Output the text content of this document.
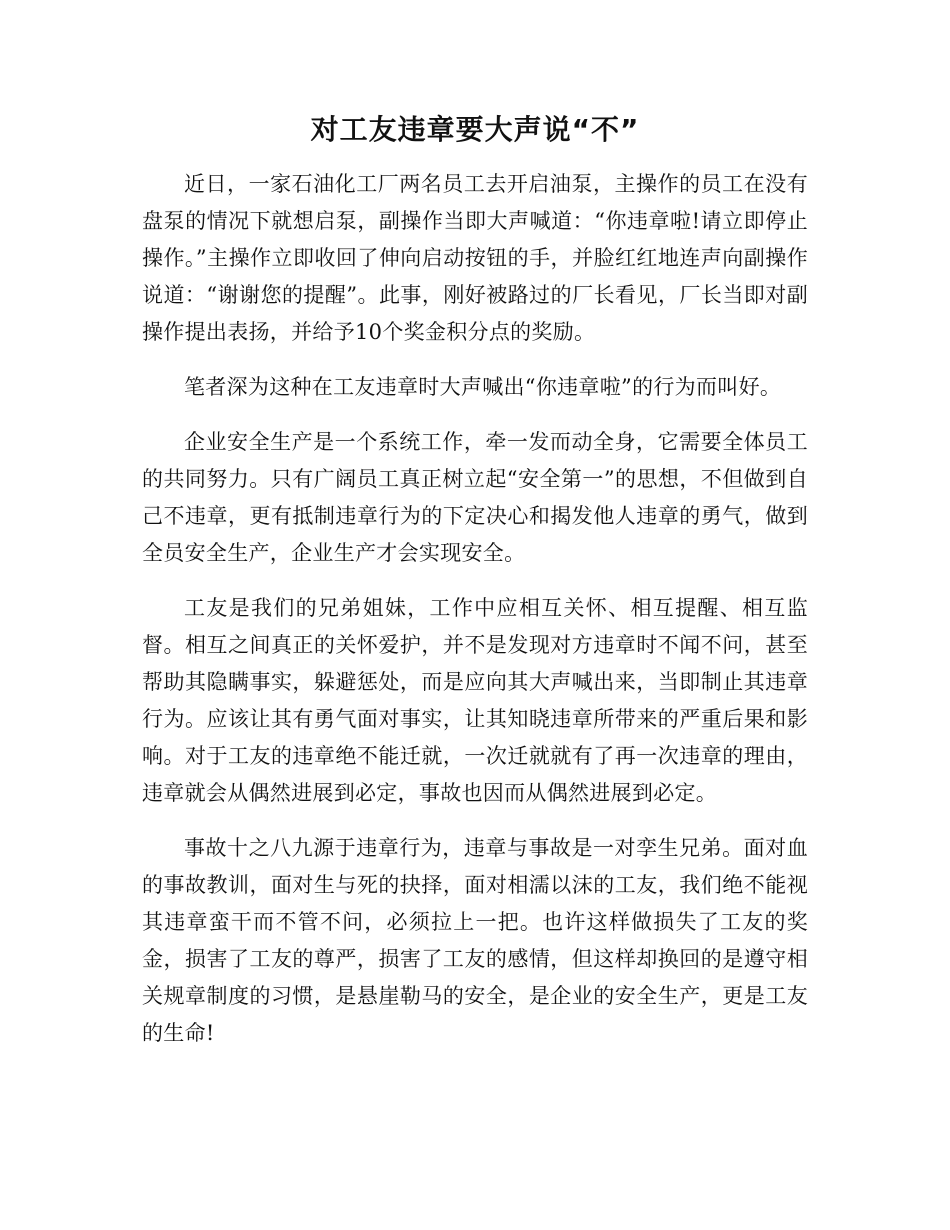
对工友违章要大声说“不”

近日，一家石油化工厂两名员工去开启油泵，主操作的员工在没有盘泵的情况下就想启泵，副操作当即大声喊道：“你违章啦!请立即停止操作。”主操作立即收回了伸向启动按钮的手，并脸红红地连声向副操作说道：“谢谢您的提醒”。此事，刚好被路过的厂长看见，厂长当即对副操作提出表扬，并给予10个奖金积分点的奖励。

笔者深为这种在工友违章时大声喊出“你违章啦”的行为而叫好。

企业安全生产是一个系统工作，牵一发而动全身，它需要全体员工的共同努力。只有广阔员工真正树立起“安全第一”的思想，不但做到自己不违章，更有抵制违章行为的下定决心和揭发他人违章的勇气，做到全员安全生产，企业生产才会实现安全。

工友是我们的兄弟姐妹，工作中应相互关怀、相互提醒、相互监督。相互之间真正的关怀爱护，并不是发现对方违章时不闻不问，甚至帮助其隐瞒事实，躲避惩处，而是应向其大声喊出来，当即制止其违章行为。应该让其有勇气面对事实，让其知晓违章所带来的严重后果和影响。对于工友的违章绝不能迁就，一次迁就就有了再一次违章的理由，违章就会从偶然进展到必定，事故也因而从偶然进展到必定。

事故十之八九源于违章行为，违章与事故是一对孪生兄弟。面对血的事故教训，面对生与死的抉择，面对相濡以沫的工友，我们绝不能视其违章蛮干而不管不问，必须拉上一把。也许这样做损失了工友的奖金，损害了工友的尊严，损害了工友的感情，但这样却换回的是遵守相关规章制度的习惯，是悬崖勒马的安全，是企业的安全生产，更是工友的生命!
